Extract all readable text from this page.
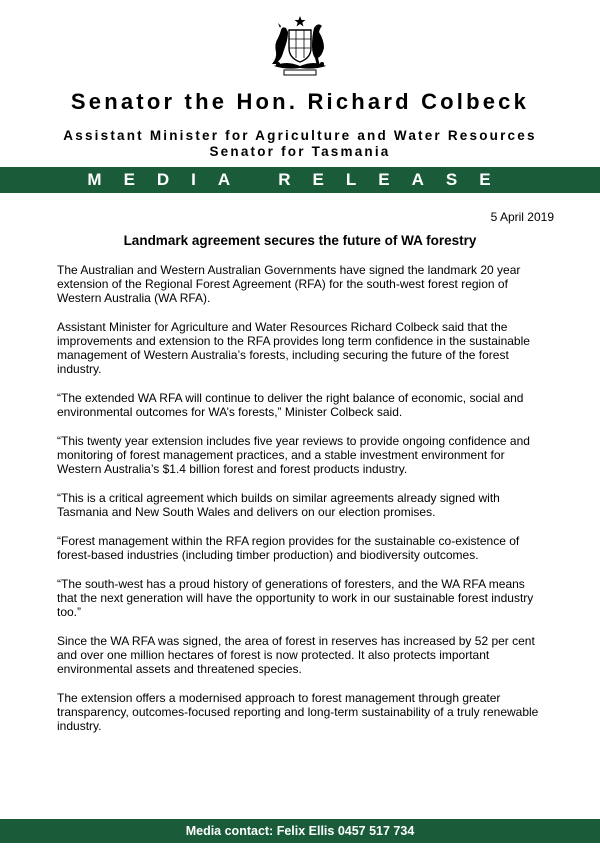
Senator the Hon. Richard Colbeck
Assistant Minister for Agriculture and Water Resources
Senator for Tasmania
MEDIA RELEASE
5 April 2019
Landmark agreement secures the future of WA forestry

The Australian and Western Australian Governments have signed the landmark 20 year extension of the Regional Forest Agreement (RFA) for the south-west forest region of Western Australia (WA RFA).

Assistant Minister for Agriculture and Water Resources Richard Colbeck said that the improvements and extension to the RFA provides long term confidence in the sustainable management of Western Australia’s forests, including securing the future of the forest industry.

“The extended WA RFA will continue to deliver the right balance of economic, social and environmental outcomes for WA’s forests,” Minister Colbeck said.

“This twenty year extension includes five year reviews to provide ongoing confidence and monitoring of forest management practices, and a stable investment environment for Western Australia’s $1.4 billion forest and forest products industry.

“This is a critical agreement which builds on similar agreements already signed with Tasmania and New South Wales and delivers on our election promises.

“Forest management within the RFA region provides for the sustainable co-existence of forest-based industries (including timber production) and biodiversity outcomes.

“The south-west has a proud history of generations of foresters, and the WA RFA means that the next generation will have the opportunity to work in our sustainable forest industry too.”

Since the WA RFA was signed, the area of forest in reserves has increased by 52 per cent and over one million hectares of forest is now protected. It also protects important environmental assets and threatened species.

The extension offers a modernised approach to forest management through greater transparency, outcomes-focused reporting and long-term sustainability of a truly renewable industry.

Media contact: Felix Ellis 0457 517 734
